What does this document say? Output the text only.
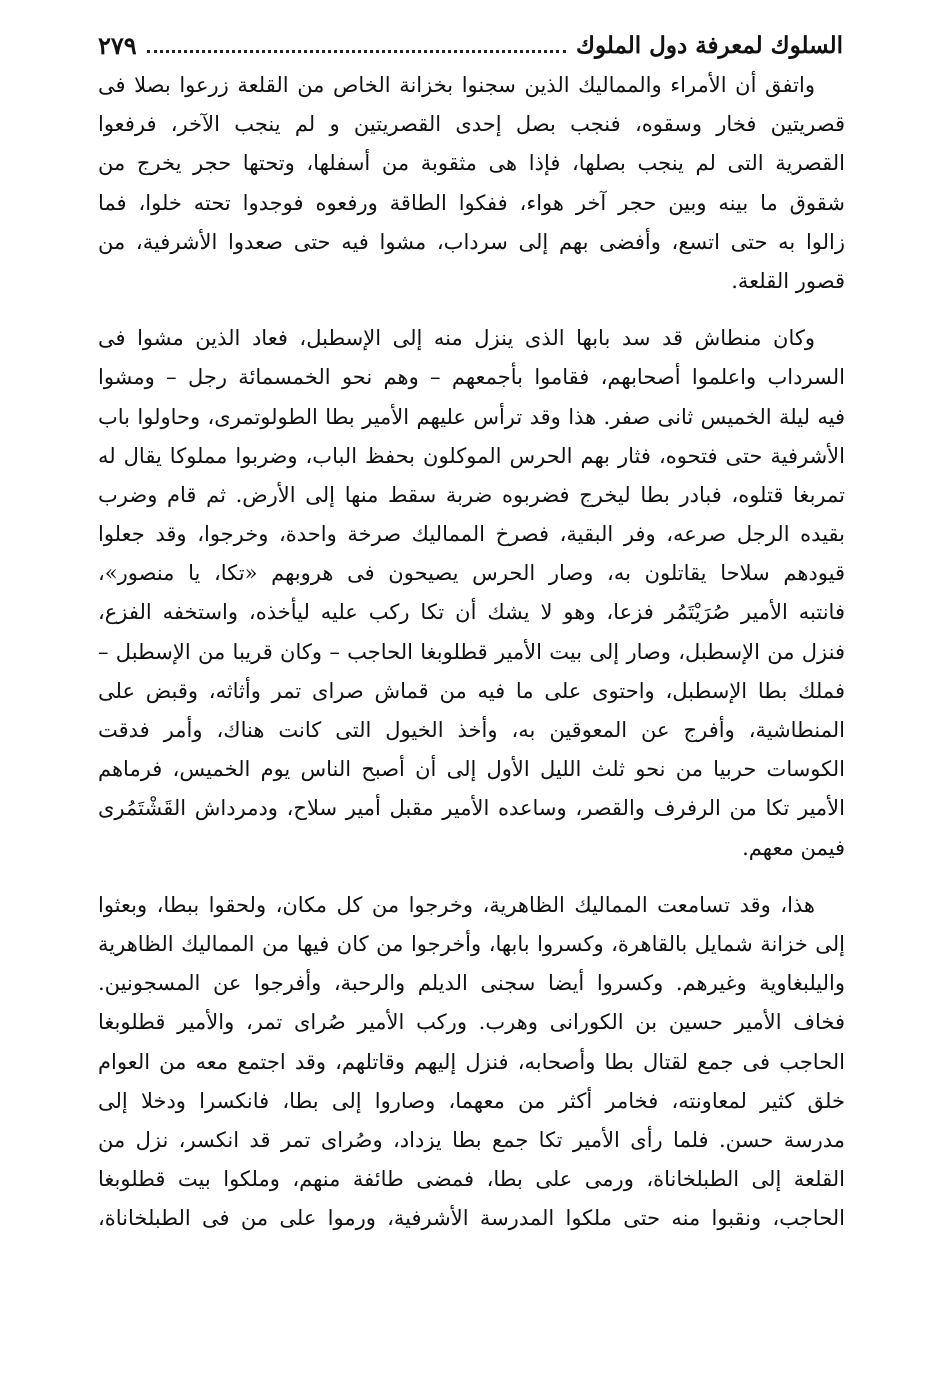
السلوك لمعرفة دول الملوك
٢٧٩
واتفق أن الأمراء والمماليك الذين سجنوا بخزانة الخاص من القلعة زرعوا بصلا فى
قصريتين فخار وسقوه، فنجب بصل إحدى القصريتين و لم ينجب الآخر، فرفعوا
القصرية التى لم ينجب بصلها، فإذا هى مثقوبة من أسفلها، وتحتها حجر يخرج من
شقوق ما بينه وبين حجر آخر هواء، ففكوا الطاقة ورفعوه فوجدوا تحته خلوا، فما
زالوا به حتى اتسع، وأفضى بهم إلى سرداب، مشوا فيه حتى صعدوا الأشرفية، من
قصور القلعة.
وكان منطاش قد سد بابها الذى ينزل منه إلى الإسطبل، فعاد الذين مشوا فى
السرداب واعلموا أصحابهم، فقاموا بأجمعهم – وهم نحو الخمسمائة رجل – ومشوا
فيه ليلة الخميس ثانى صفر. هذا وقد ترأس عليهم الأمير بطا الطولوتمرى، وحاولوا باب
الأشرفية حتى فتحوه، فثار بهم الحرس الموكلون بحفظ الباب، وضربوا مملوكا يقال له
تمربغا قتلوه، فبادر بطا ليخرج فضربوه ضربة سقط منها إلى الأرض. ثم قام وضرب
بقيده الرجل صرعه، وفر البقية، فصرخ المماليك صرخة واحدة، وخرجوا، وقد جعلوا
قيودهم سلاحا يقاتلون به، وصار الحرس يصيحون فى هروبهم «تكا، يا منصور»،
فانتبه الأمير صُرَيْتَمُر فزعا، وهو لا يشك أن تكا ركب عليه ليأخذه، واستخفه الفزع،
فنزل من الإسطبل، وصار إلى بيت الأمير قطلوبغا الحاجب – وكان قريبا من الإسطبل –
فملك بطا الإسطبل، واحتوى على ما فيه من قماش صراى تمر وأثاثه، وقبض على
المنطاشية، وأفرج عن المعوقين به، وأخذ الخيول التى كانت هناك، وأمر فدقت
الكوسات حربيا من نحو ثلث الليل الأول إلى أن أصبح الناس يوم الخميس، فرماهم
الأمير تكا من الرفرف والقصر، وساعده الأمير مقبل أمير سلاح، ودمرداش القَشْتَمُرى
فيمن معهم.
هذا، وقد تسامعت المماليك الظاهرية، وخرجوا من كل مكان، ولحقوا ببطا، وبعثوا
إلى خزانة شمايل بالقاهرة، وكسروا بابها، وأخرجوا من كان فيها من المماليك الظاهرية
واليلبغاوية وغيرهم. وكسروا أيضا سجنى الديلم والرحبة، وأفرجوا عن المسجونين.
فخاف الأمير حسين بن الكورانى وهرب. وركب الأمير صُراى تمر، والأمير قطلوبغا
الحاجب فى جمع لقتال بطا وأصحابه، فنزل إليهم وقاتلهم، وقد اجتمع معه من العوام
خلق كثير لمعاونته، فخامر أكثر من معهما، وصاروا إلى بطا، فانكسرا ودخلا إلى
مدرسة حسن. فلما رأى الأمير تكا جمع بطا يزداد، وصُراى تمر قد انكسر، نزل من
القلعة إلى الطبلخاناة، ورمى على بطا، فمضى طائفة منهم، وملكوا بيت قطلوبغا
الحاجب، ونقبوا منه حتى ملكوا المدرسة الأشرفية، ورموا على من فى الطبلخاناة،
